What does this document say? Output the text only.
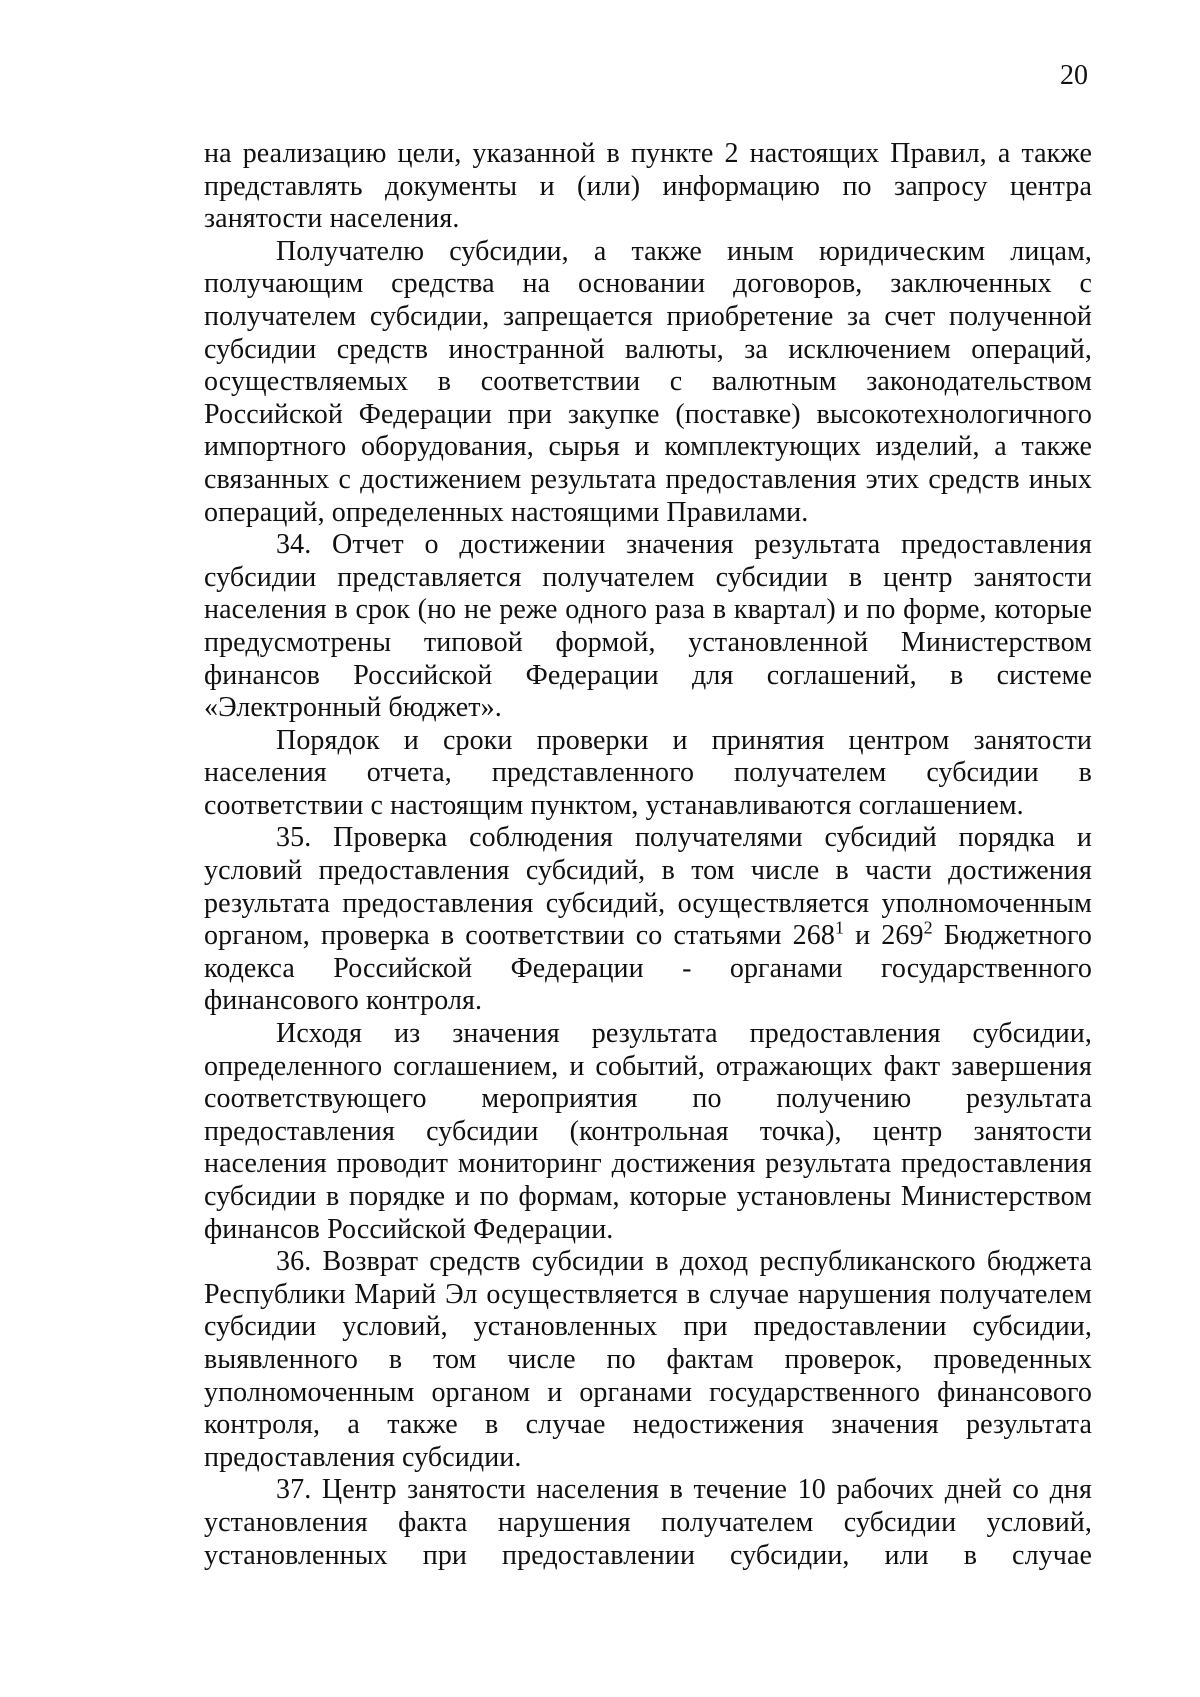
20

на реализацию цели, указанной в пункте 2 настоящих Правил, а также представлять документы и (или) информацию по запросу центра занятости населения.

Получателю субсидии, а также иным юридическим лицам, получающим средства на основании договоров, заключенных с получателем субсидии, запрещается приобретение за счет полученной субсидии средств иностранной валюты, за исключением операций, осуществляемых в соответствии с валютным законодательством Российской Федерации при закупке (поставке) высокотехнологичного импортного оборудования, сырья и комплектующих изделий, а также связанных с достижением результата предоставления этих средств иных операций, определенных настоящими Правилами.

34. Отчет о достижении значения результата предоставления субсидии представляется получателем субсидии в центр занятости населения в срок (но не реже одного раза в квартал) и по форме, которые предусмотрены типовой формой, установленной Министерством финансов Российской Федерации для соглашений, в системе «Электронный бюджет».

Порядок и сроки проверки и принятия центром занятости населения отчета, представленного получателем субсидии в соответствии с настоящим пунктом, устанавливаются соглашением.

35. Проверка соблюдения получателями субсидий порядка и условий предоставления субсидий, в том числе в части достижения результата предоставления субсидий, осуществляется уполномоченным органом, проверка в соответствии со статьями $268^1$ и $269^2$ Бюджетного кодекса Российской Федерации - органами государственного финансового контроля.

Исходя из значения результата предоставления субсидии, определенного соглашением, и событий, отражающих факт завершения соответствующего мероприятия по получению результата предоставления субсидии (контрольная точка), центр занятости населения проводит мониторинг достижения результата предоставления субсидии в порядке и по формам, которые установлены Министерством финансов Российской Федерации.

36. Возврат средств субсидии в доход республиканского бюджета Республики Марий Эл осуществляется в случае нарушения получателем субсидии условий, установленных при предоставлении субсидии, выявленного в том числе по фактам проверок, проведенных уполномоченным органом и органами государственного финансового контроля, а также в случае недостижения значения результата предоставления субсидии.

37. Центр занятости населения в течение 10 рабочих дней со дня установления факта нарушения получателем субсидии условий, установленных при предоставлении субсидии, или в случае
